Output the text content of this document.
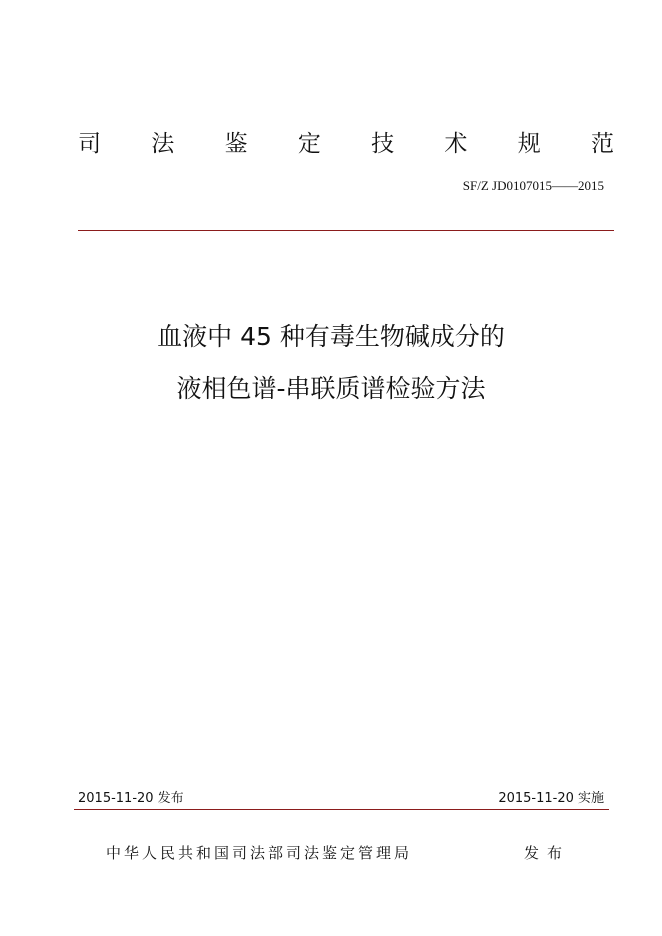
司 法 鉴 定 技 术 规 范
SF/Z JD0107015——2015
血液中 45 种有毒生物碱成分的
液相色谱-串联质谱检验方法
2015-11-20 发布	2015-11-20 实施
中华人民共和国司法部司法鉴定管理局	发布
